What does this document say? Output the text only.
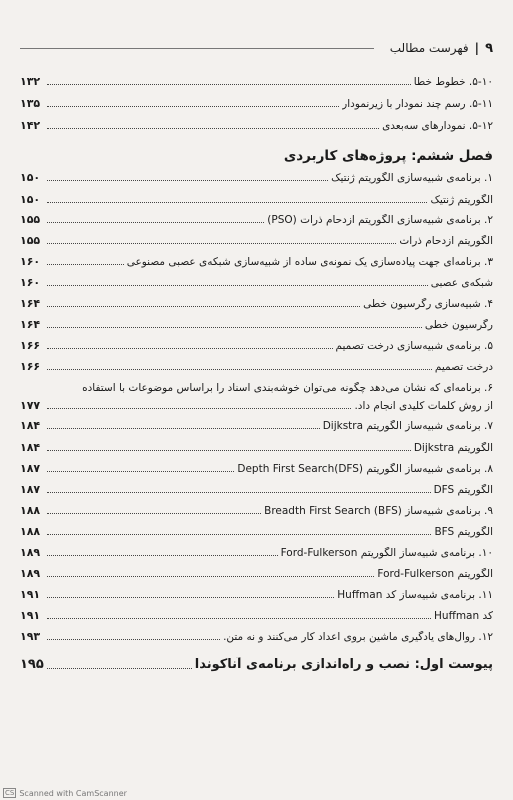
۹
|
فهرست مطالب
۵-۱۰. خطوط خطا
۱۳۲
۵-۱۱. رسم چند نمودار با زیرنمودار
۱۳۵
۵-۱۲. نمودارهای سه‌بعدی
۱۴۲
فصل ششم: پروژه‌های کاربردی
۱. برنامه‌ی شبیه‌سازی الگوریتم ژنتیک
۱۵۰
الگوریتم ژنتیک
۱۵۰
۲. برنامه‌ی شبیه‌سازی الگوریتم ازدحام ذرات (PSO)
۱۵۵
الگوریتم ازدحام ذرات
۱۵۵
۳. برنامه‌ای جهت پیاده‌سازی یک نمونه‌ی ساده از شبیه‌سازی شبکه‌ی عصبی مصنوعی
۱۶۰
شبکه‌ی عصبی
۱۶۰
۴. شبیه‌سازی رگرسیون خطی
۱۶۴
رگرسیون خطی
۱۶۴
۵. برنامه‌ی شبیه‌سازی درخت تصمیم
۱۶۶
درخت تصمیم
۱۶۶
۶. برنامه‌ای که نشان می‌دهد چگونه می‌توان خوشه‌بندی اسناد را براساس موضوعات با استفاده
از روش کلمات کلیدی انجام داد.
۱۷۷
۷. برنامه‌ی شبیه‌ساز الگوریتم Dijkstra
۱۸۴
الگوریتم Dijkstra
۱۸۴
۸. برنامه‌ی شبیه‌ساز الگوریتم Depth First Search(DFS)
۱۸۷
الگوریتم DFS
۱۸۷
۹. برنامه‌ی شبیه‌ساز Breadth First Search (BFS)
۱۸۸
الگوریتم BFS
۱۸۸
۱۰. برنامه‌ی شبیه‌ساز الگوریتم Ford-Fulkerson
۱۸۹
الگوریتم Ford-Fulkerson
۱۸۹
۱۱. برنامه‌ی شبیه‌ساز کد Huffman
۱۹۱
کد Huffman
۱۹۱
۱۲. روال‌های یادگیری ماشین بروی اعداد کار می‌کنند و نه متن.
۱۹۳
پیوست اول: نصب و راه‌اندازی برنامه‌ی آناکوندا
۱۹۵
CS Scanned with CamScanner
